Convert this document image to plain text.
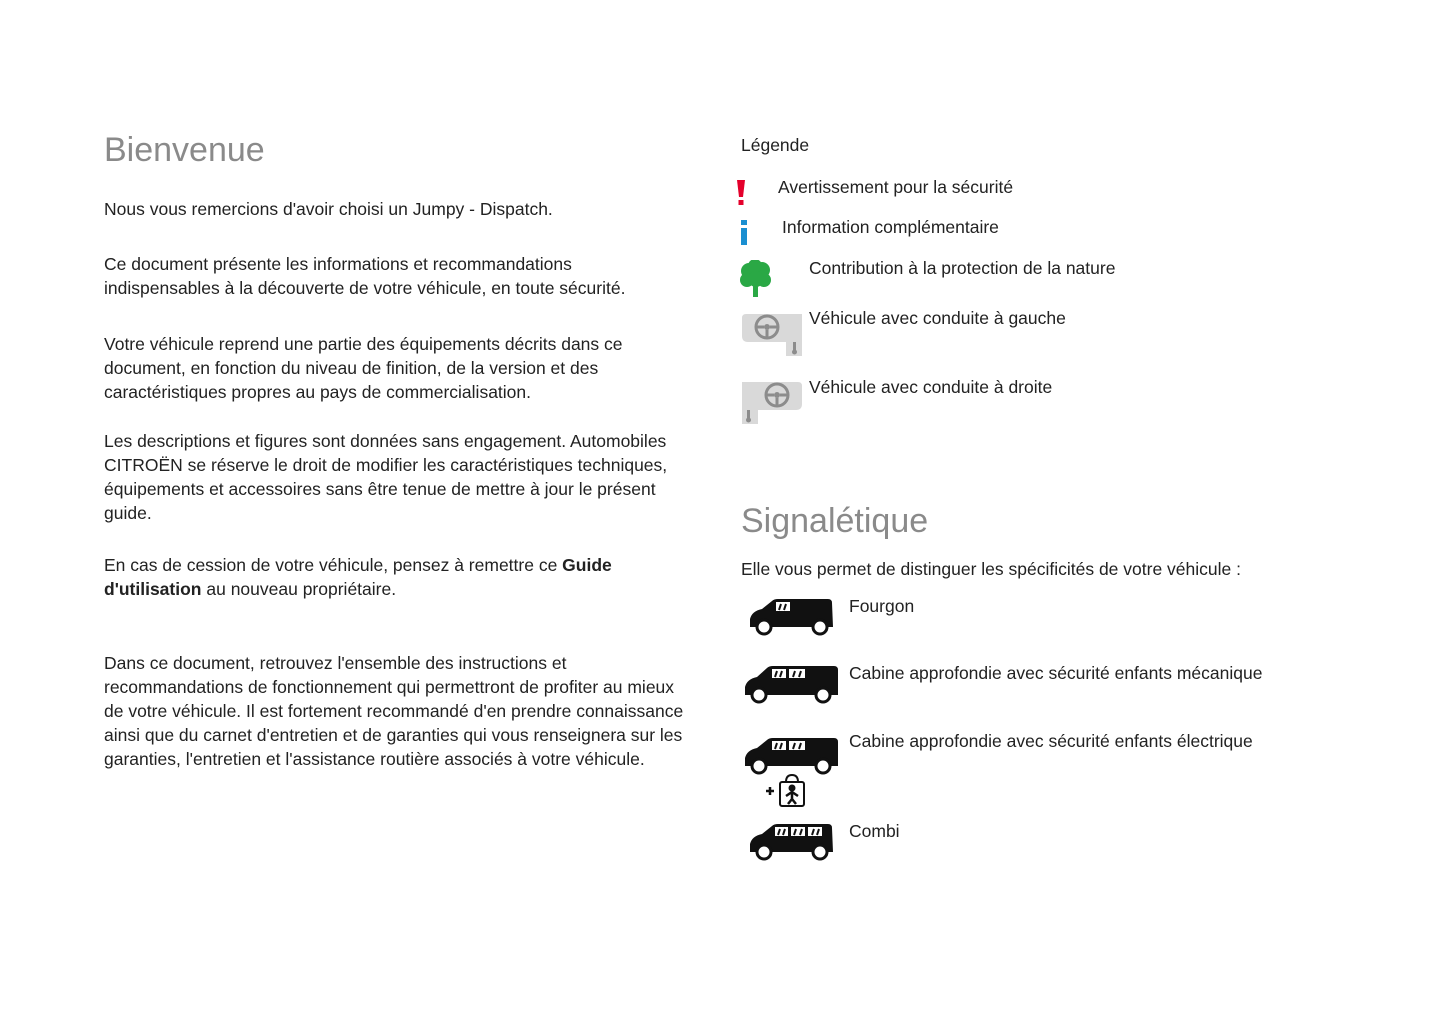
Bienvenue

Nous vous remercions d'avoir choisi un Jumpy - Dispatch.

Ce document présente les informations et recommandations indispensables à la découverte de votre véhicule, en toute sécurité.

Votre véhicule reprend une partie des équipements décrits dans ce document, en fonction du niveau de finition, de la version et des caractéristiques propres au pays de commercialisation.

Les descriptions et figures sont données sans engagement. Automobiles CITROËN se réserve le droit de modifier les caractéristiques techniques, équipements et accessoires sans être tenue de mettre à jour le présent guide.

En cas de cession de votre véhicule, pensez à remettre ce Guide d'utilisation au nouveau propriétaire.

Dans ce document, retrouvez l'ensemble des instructions et recommandations de fonctionnement qui permettront de profiter au mieux de votre véhicule. Il est fortement recommandé d'en prendre connaissance ainsi que du carnet d'entretien et de garanties qui vous renseignera sur les garanties, l'entretien et l'assistance routière associés à votre véhicule.

Légende
Avertissement pour la sécurité
Information complémentaire
Contribution à la protection de la nature
Véhicule avec conduite à gauche
Véhicule avec conduite à droite
Signalétique
Elle vous permet de distinguer les spécificités de votre véhicule :
Fourgon
Cabine approfondie avec sécurité enfants mécanique
Cabine approfondie avec sécurité enfants électrique
Combi
